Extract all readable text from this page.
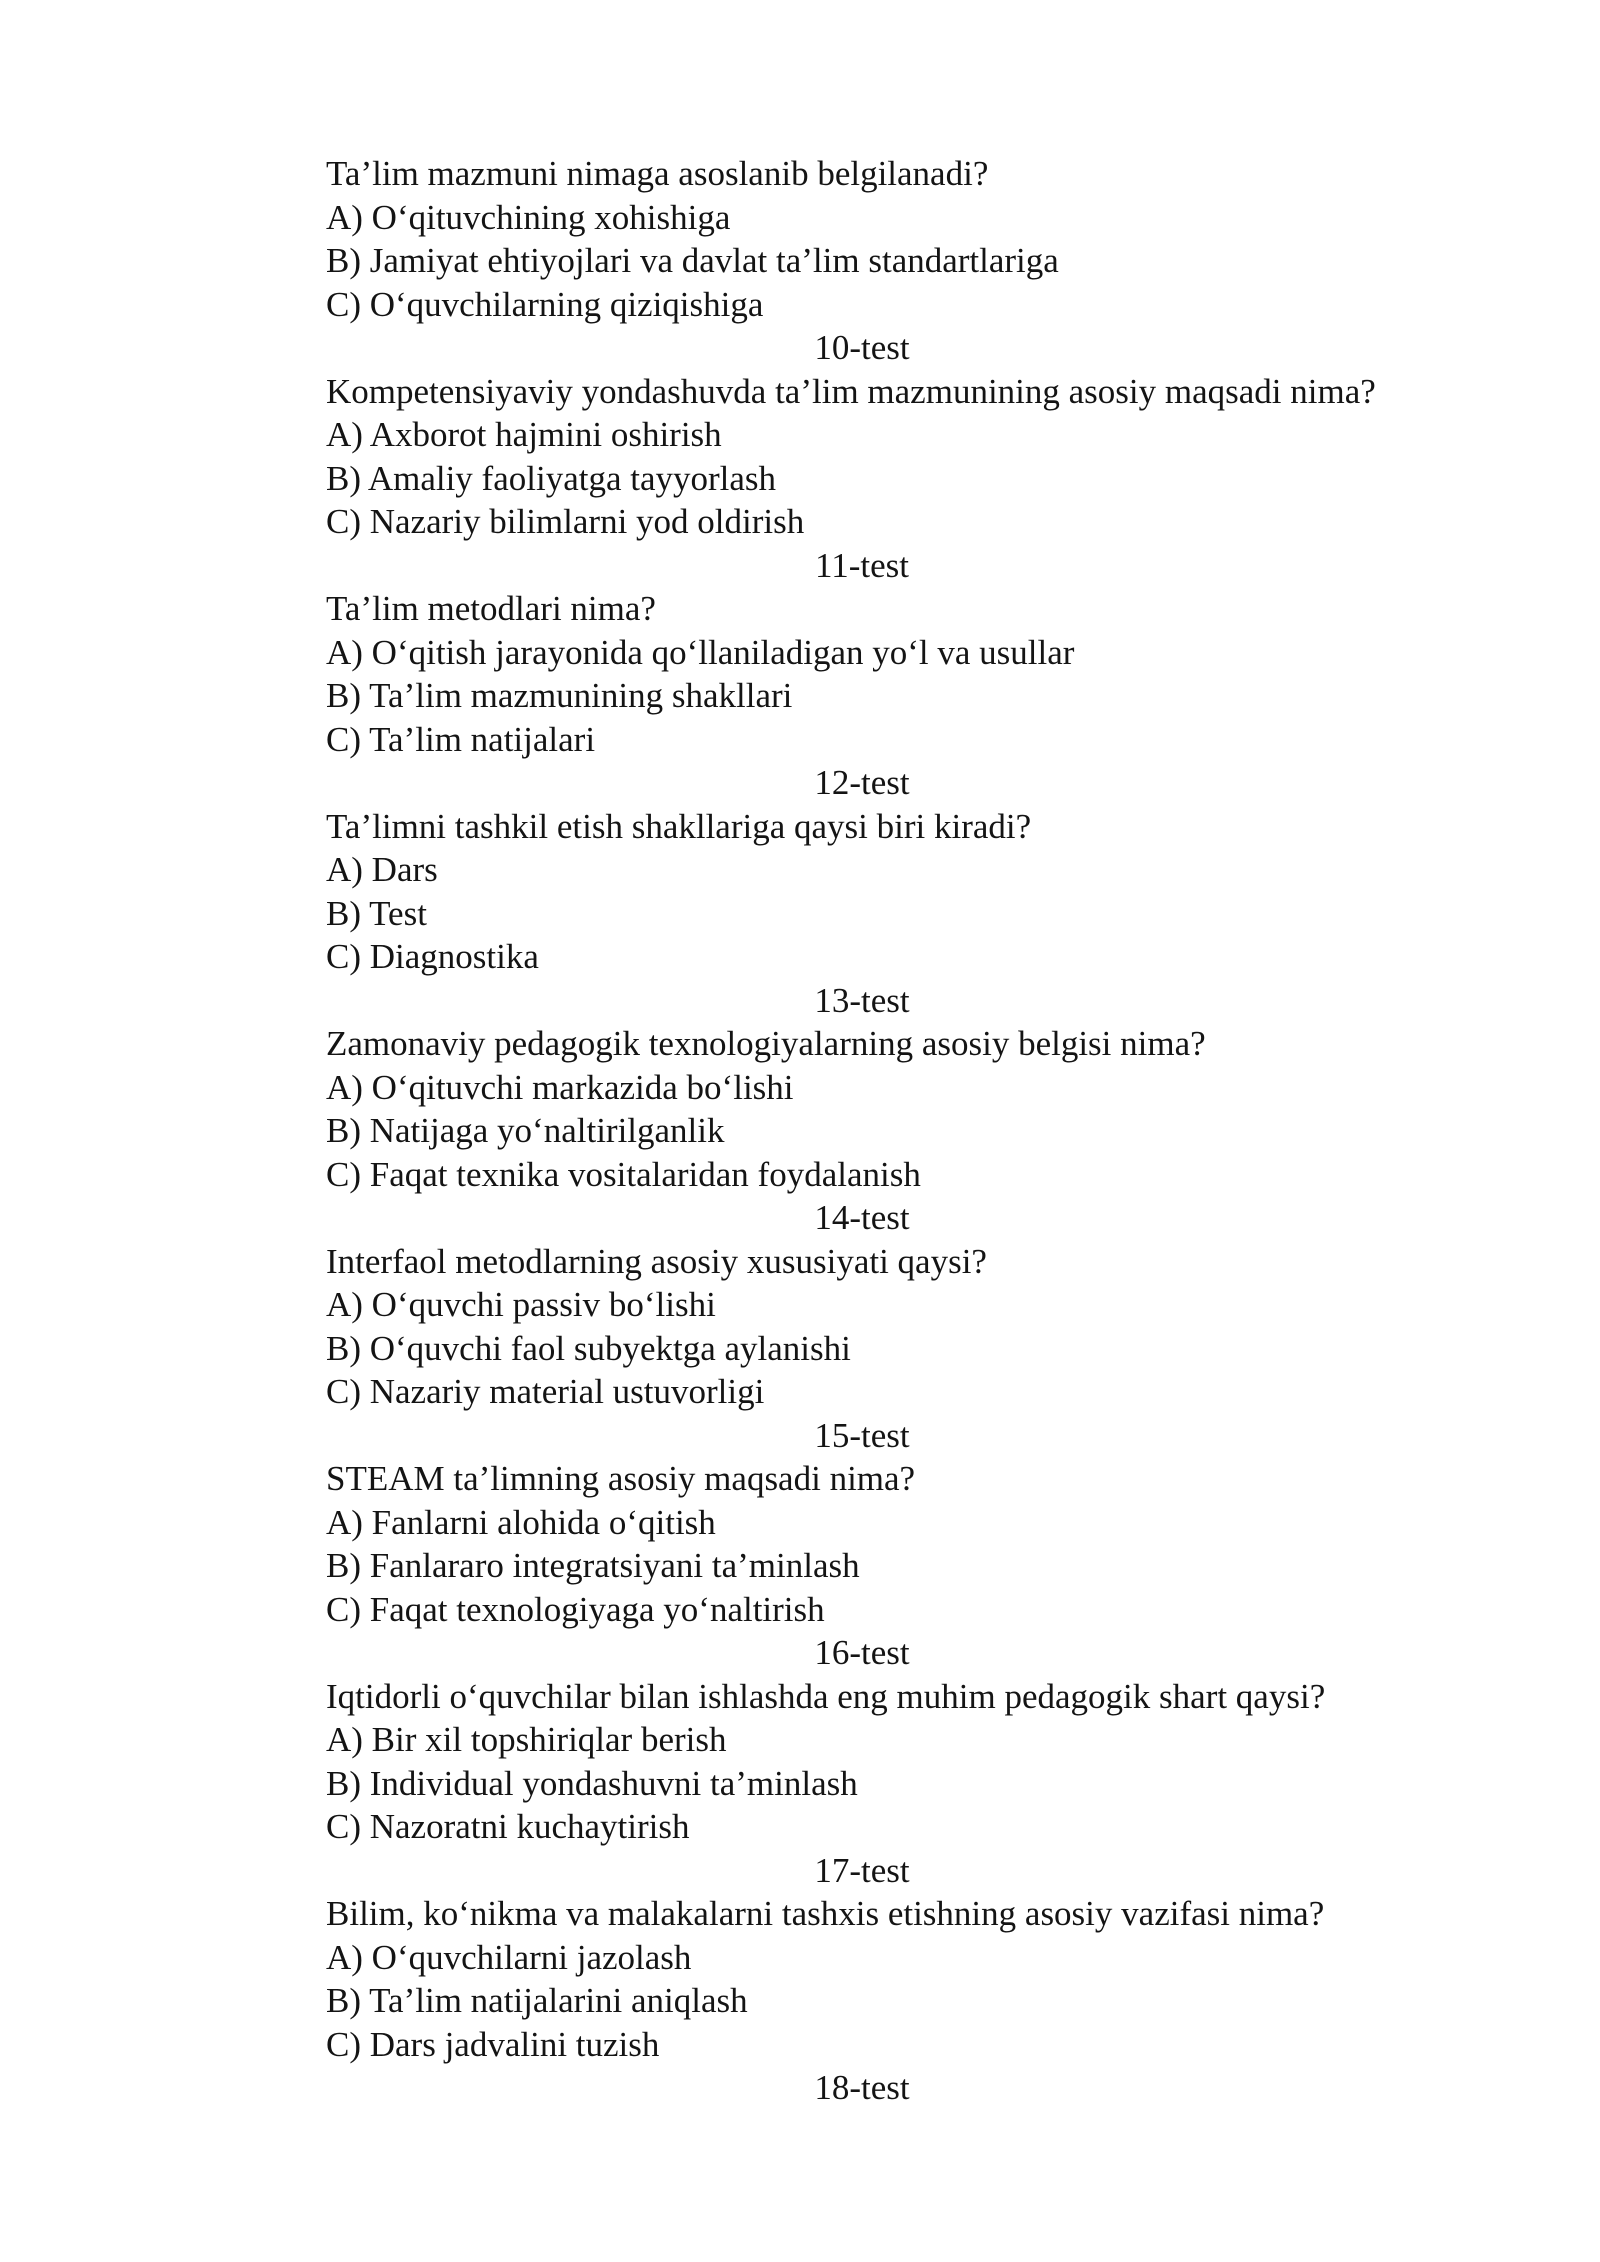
Ta’lim mazmuni nimaga asoslanib belgilanadi?
A) O‘qituvchining xohishiga
B) Jamiyat ehtiyojlari va davlat ta’lim standartlariga
C) O‘quvchilarning qiziqishiga
10-test
Kompetensiyaviy yondashuvda ta’lim mazmunining asosiy maqsadi nima?
A) Axborot hajmini oshirish
B) Amaliy faoliyatga tayyorlash
C) Nazariy bilimlarni yod oldirish
11-test
Ta’lim metodlari nima?
A) O‘qitish jarayonida qo‘llaniladigan yo‘l va usullar
B) Ta’lim mazmunining shakllari
C) Ta’lim natijalari
12-test
Ta’limni tashkil etish shakllariga qaysi biri kiradi?
A) Dars
B) Test
C) Diagnostika
13-test
Zamonaviy pedagogik texnologiyalarning asosiy belgisi nima?
A) O‘qituvchi markazida bo‘lishi
B) Natijaga yo‘naltirilganlik
C) Faqat texnika vositalaridan foydalanish
14-test
Interfaol metodlarning asosiy xususiyati qaysi?
A) O‘quvchi passiv bo‘lishi
B) O‘quvchi faol subyektga aylanishi
C) Nazariy material ustuvorligi
15-test
STEAM ta’limning asosiy maqsadi nima?
A) Fanlarni alohida o‘qitish
B) Fanlararo integratsiyani ta’minlash
C) Faqat texnologiyaga yo‘naltirish
16-test
Iqtidorli o‘quvchilar bilan ishlashda eng muhim pedagogik shart qaysi?
A) Bir xil topshiriqlar berish
B) Individual yondashuvni ta’minlash
C) Nazoratni kuchaytirish
17-test
Bilim, ko‘nikma va malakalarni tashxis etishning asosiy vazifasi nima?
A) O‘quvchilarni jazolash
B) Ta’lim natijalarini aniqlash
C) Dars jadvalini tuzish
18-test
